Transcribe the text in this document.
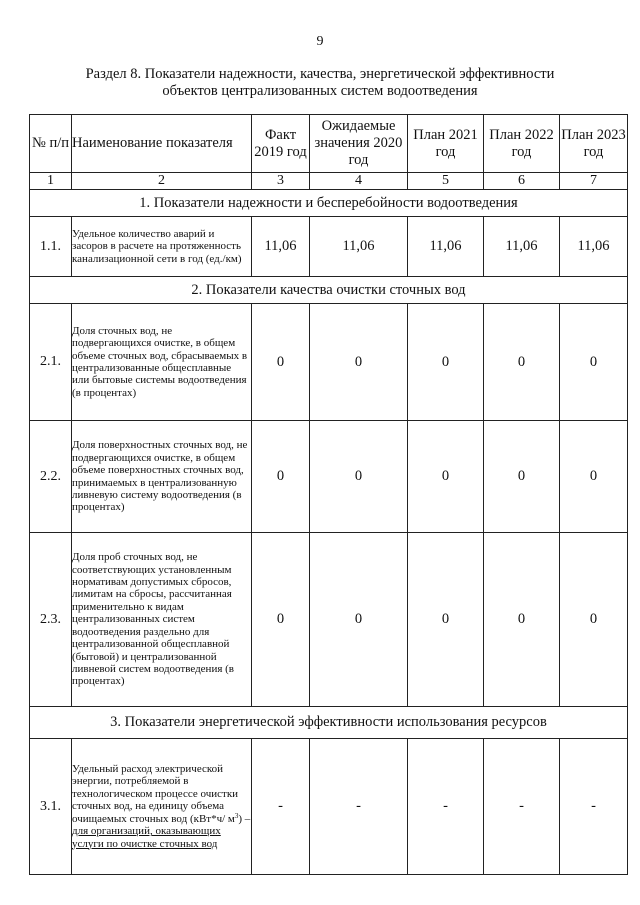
9
Раздел 8. Показатели надежности, качества, энергетической эффективности
объектов централизованных систем водоотведения
№ п/п	Наименование показателя	Факт 2019 год	Ожидаемые значения 2020 год	План 2021 год	План 2022 год	План 2023 год
1	2	3	4	5	6	7
1. Показатели надежности и бесперебойности водоотведения						
1.1.	Удельное количество аварий и засоров в расчете на протяженность канализационной сети в год (ед./км)	11,06	11,06	11,06	11,06	11,06
2. Показатели качества очистки сточных вод						
2.1.	Доля сточных вод, не подвергающихся очистке, в общем объеме сточных вод, сбрасываемых в централизованные общесплавные или бытовые системы водоотведения (в процентах)	0	0	0	0	0
2.2.	Доля поверхностных сточных вод, не подвергающихся очистке, в общем объеме поверхностных сточных вод, принимаемых в централизованную ливневую систему водоотведения (в процентах)	0	0	0	0	0
2.3.	Доля проб сточных вод, не соответствующих установленным нормативам допустимых сбросов, лимитам на сбросы, рассчитанная применительно к видам централизованных систем водоотведения раздельно для централизованной общесплавной (бытовой) и централизованной ливневой систем водоотведения (в процентах)	0	0	0	0	0
3. Показатели энергетической эффективности использования ресурсов						
3.1.	Удельный расход электрической энергии, потребляемой в технологическом процессе очистки сточных вод, на единицу объема очищаемых сточных вод (кВт*ч/ $м^3$) – для организаций, оказывающих услуги по очистке сточных вод	-	-	-	-	-
